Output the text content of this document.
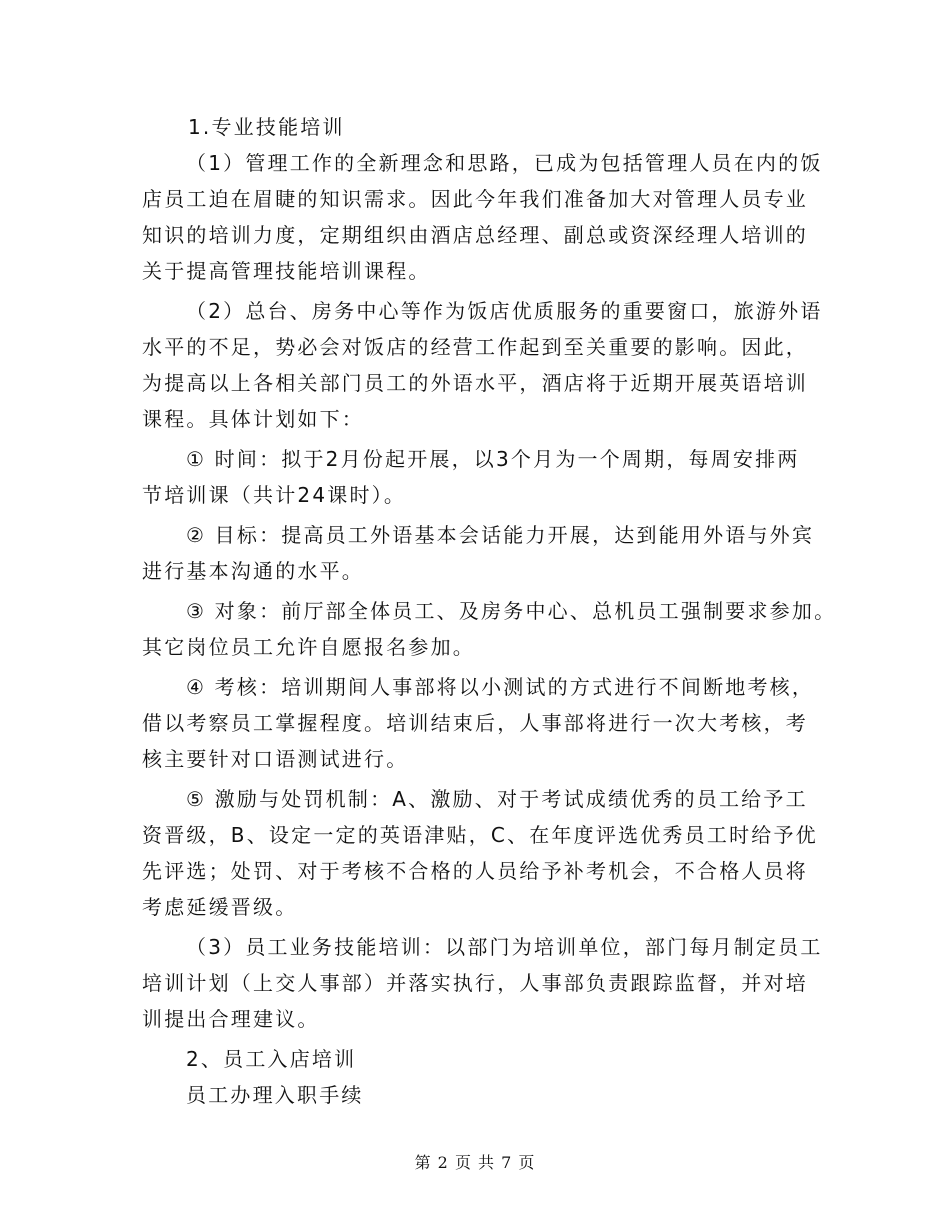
1.专业技能培训
（1）管理工作的全新理念和思路，已成为包括管理人员在内的饭
店员工迫在眉睫的知识需求。因此今年我们准备加大对管理人员专业
知识的培训力度，定期组织由酒店总经理、副总或资深经理人培训的
关于提高管理技能培训课程。
（2）总台、房务中心等作为饭店优质服务的重要窗口，旅游外语
水平的不足，势必会对饭店的经营工作起到至关重要的影响。因此，
为提高以上各相关部门员工的外语水平，酒店将于近期开展英语培训
课程。具体计划如下：
① 时间：拟于2月份起开展，以3个月为一个周期，每周安排两
节培训课（共计24课时）。
② 目标：提高员工外语基本会话能力开展，达到能用外语与外宾
进行基本沟通的水平。
③ 对象：前厅部全体员工、及房务中心、总机员工强制要求参加。
其它岗位员工允许自愿报名参加。
④ 考核：培训期间人事部将以小测试的方式进行不间断地考核，
借以考察员工掌握程度。培训结束后，人事部将进行一次大考核，考
核主要针对口语测试进行。
⑤ 激励与处罚机制：A、激励、对于考试成绩优秀的员工给予工
资晋级，B、设定一定的英语津贴，C、在年度评选优秀员工时给予优
先评选；处罚、对于考核不合格的人员给予补考机会，不合格人员将
考虑延缓晋级。
（3）员工业务技能培训：以部门为培训单位，部门每月制定员工
培训计划（上交人事部）并落实执行，人事部负责跟踪监督，并对培
训提出合理建议。
2、员工入店培训
员工办理入职手续
第 2 页 共 7 页
